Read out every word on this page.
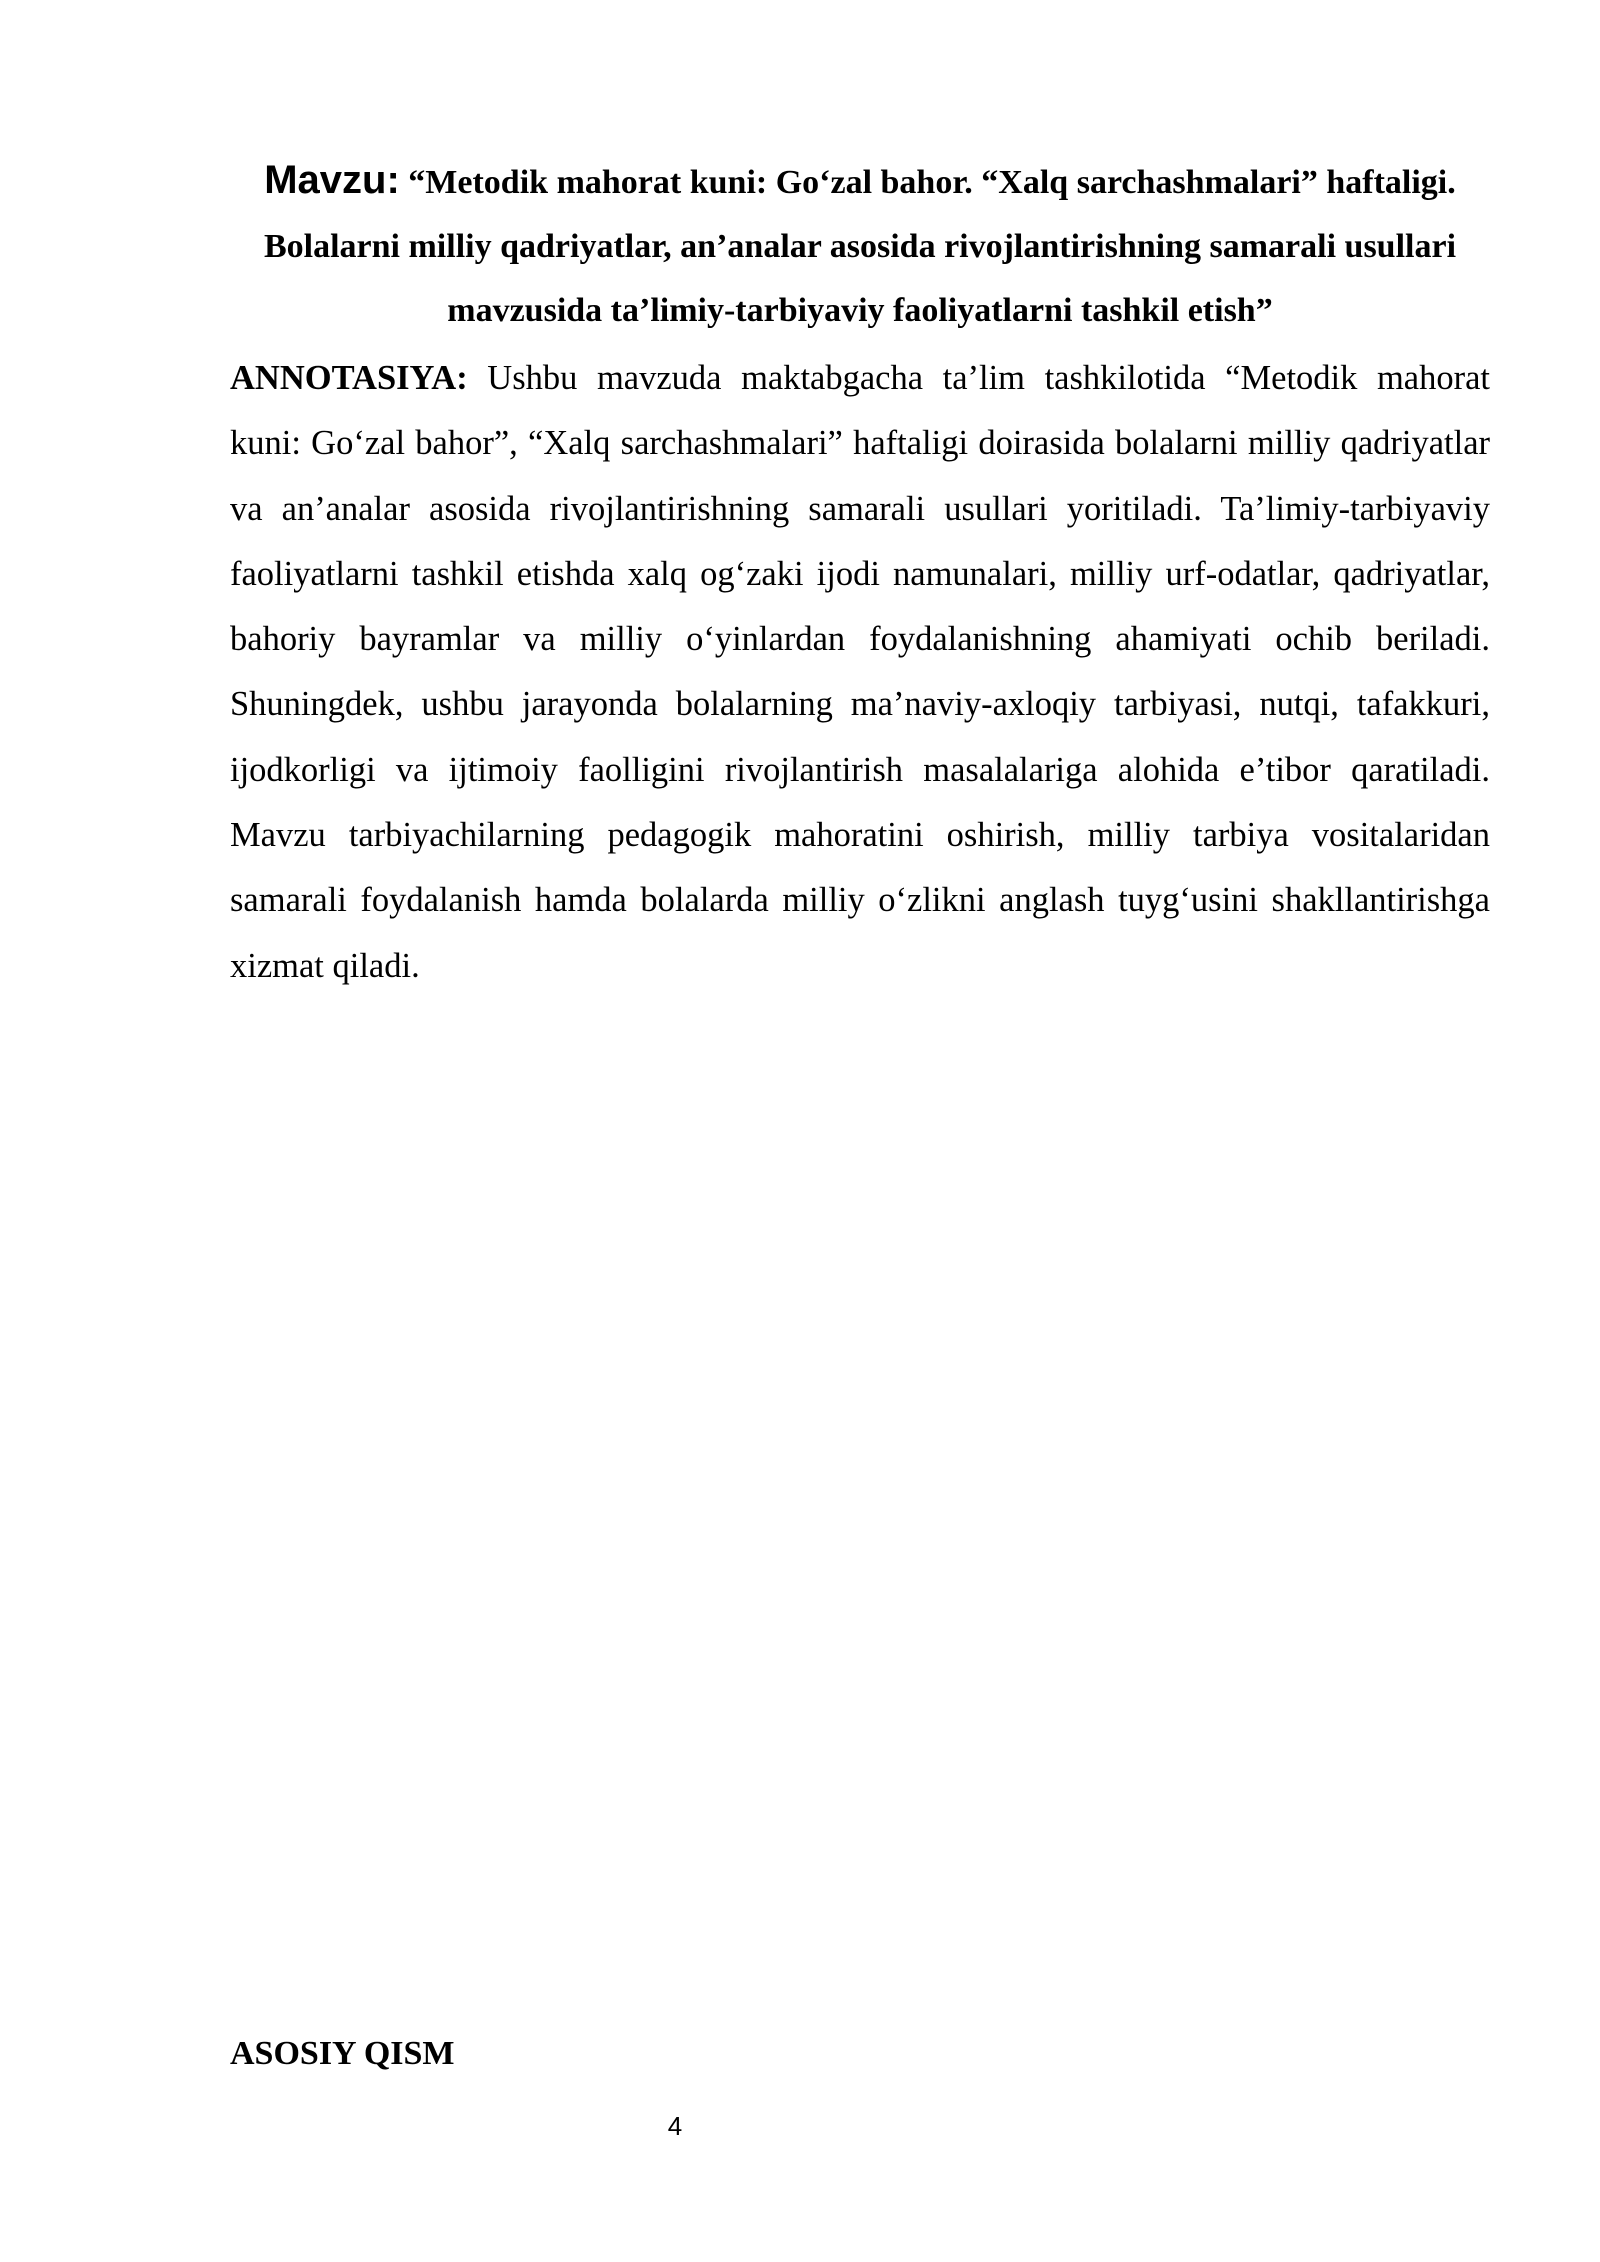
Mavzu: “Metodik mahorat kuni: Go‘zal bahor. “Xalq sarchashmalari” haftaligi. Bolalarni milliy qadriyatlar, an’analar asosida rivojlantirishning samarali usullari mavzusida ta’limiy-tarbiyaviy faoliyatlarni tashkil etish”
ANNOTASIYA: Ushbu mavzuda maktabgacha ta’lim tashkilotida “Metodik mahorat kuni: Go‘zal bahor”, “Xalq sarchashmalari” haftaligi doirasida bolalarni milliy qadriyatlar va an’analar asosida rivojlantirishning samarali usullari yoritiladi. Ta’limiy-tarbiyaviy faoliyatlarni tashkil etishda xalq og‘zaki ijodi namunalari, milliy urf-odatlar, qadriyatlar, bahoriy bayramlar va milliy o‘yinlardan foydalanishning ahamiyati ochib beriladi. Shuningdek, ushbu jarayonda bolalarning ma’naviy-axloqiy tarbiyasi, nutqi, tafakkuri, ijodkorligi va ijtimoiy faolligini rivojlantirish masalalariga alohida e’tibor qaratiladi. Mavzu tarbiyachilarning pedagogik mahoratini oshirish, milliy tarbiya vositalaridan samarali foydalanish hamda bolalarda milliy o‘zlikni anglash tuyg‘usini shakllantirishga xizmat qiladi.
ASOSIY QISM
4
